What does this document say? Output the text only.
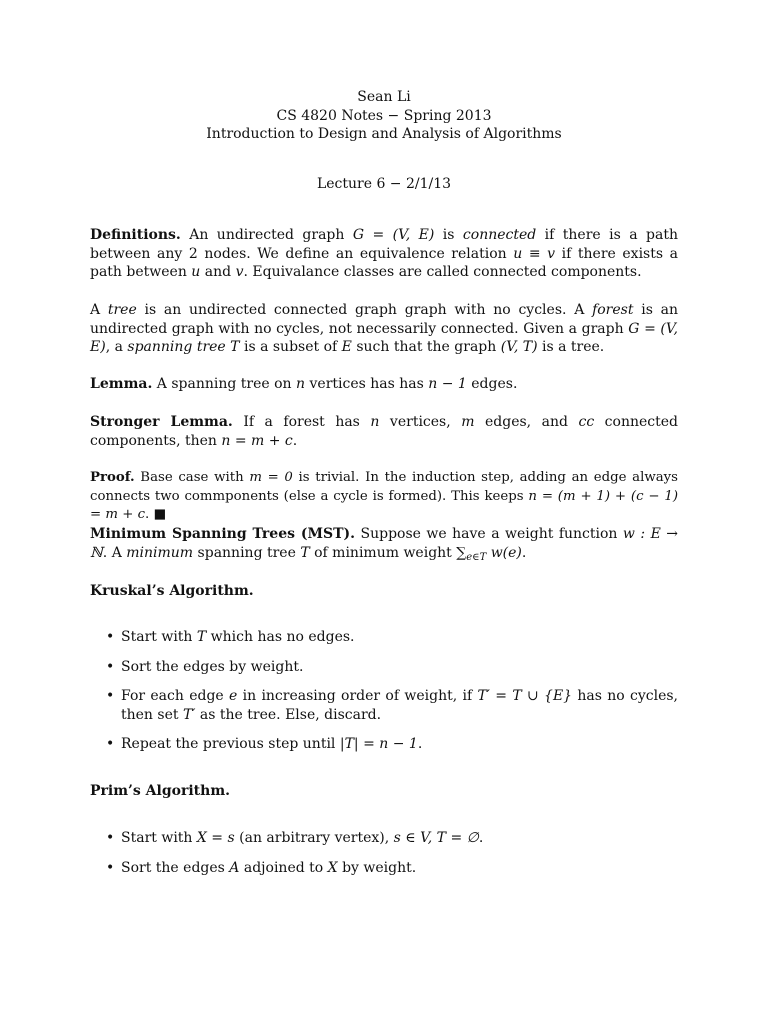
Sean Li
CS 4820 Notes − Spring 2013
Introduction to Design and Analysis of Algorithms
Lecture 6 − 2/1/13
Definitions. An undirected graph G = (V, E) is connected if there is a path between any 2 nodes. We define an equivalence relation u ≡ v if there exists a path between u and v. Equivalance classes are called connected components.
A tree is an undirected connected graph graph with no cycles. A forest is an undirected graph with no cycles, not necessarily connected. Given a graph G = (V, E), a spanning tree T is a subset of E such that the graph (V, T) is a tree.
Lemma. A spanning tree on n vertices has has n − 1 edges.
Stronger Lemma. If a forest has n vertices, m edges, and cc connected components, then n = m + c.
Proof. Base case with m = 0 is trivial. In the induction step, adding an edge always connects two commponents (else a cycle is formed). This keeps n = (m + 1) + (c − 1) = m + c. ■
Minimum Spanning Trees (MST). Suppose we have a weight function w : E → ℕ. A minimum spanning tree T of minimum weight $\sum_{e\in T}$ w(e).
Kruskal’s Algorithm.
• Start with T which has no edges.
• Sort the edges by weight.
• For each edge e in increasing order of weight, if T′ = T ∪ {E} has no cycles, then set T′ as the tree. Else, discard.
• Repeat the previous step until |T| = n − 1.
Prim’s Algorithm.
• Start with X = s (an arbitrary vertex), s ∈ V, T = ∅.
• Sort the edges A adjoined to X by weight.
